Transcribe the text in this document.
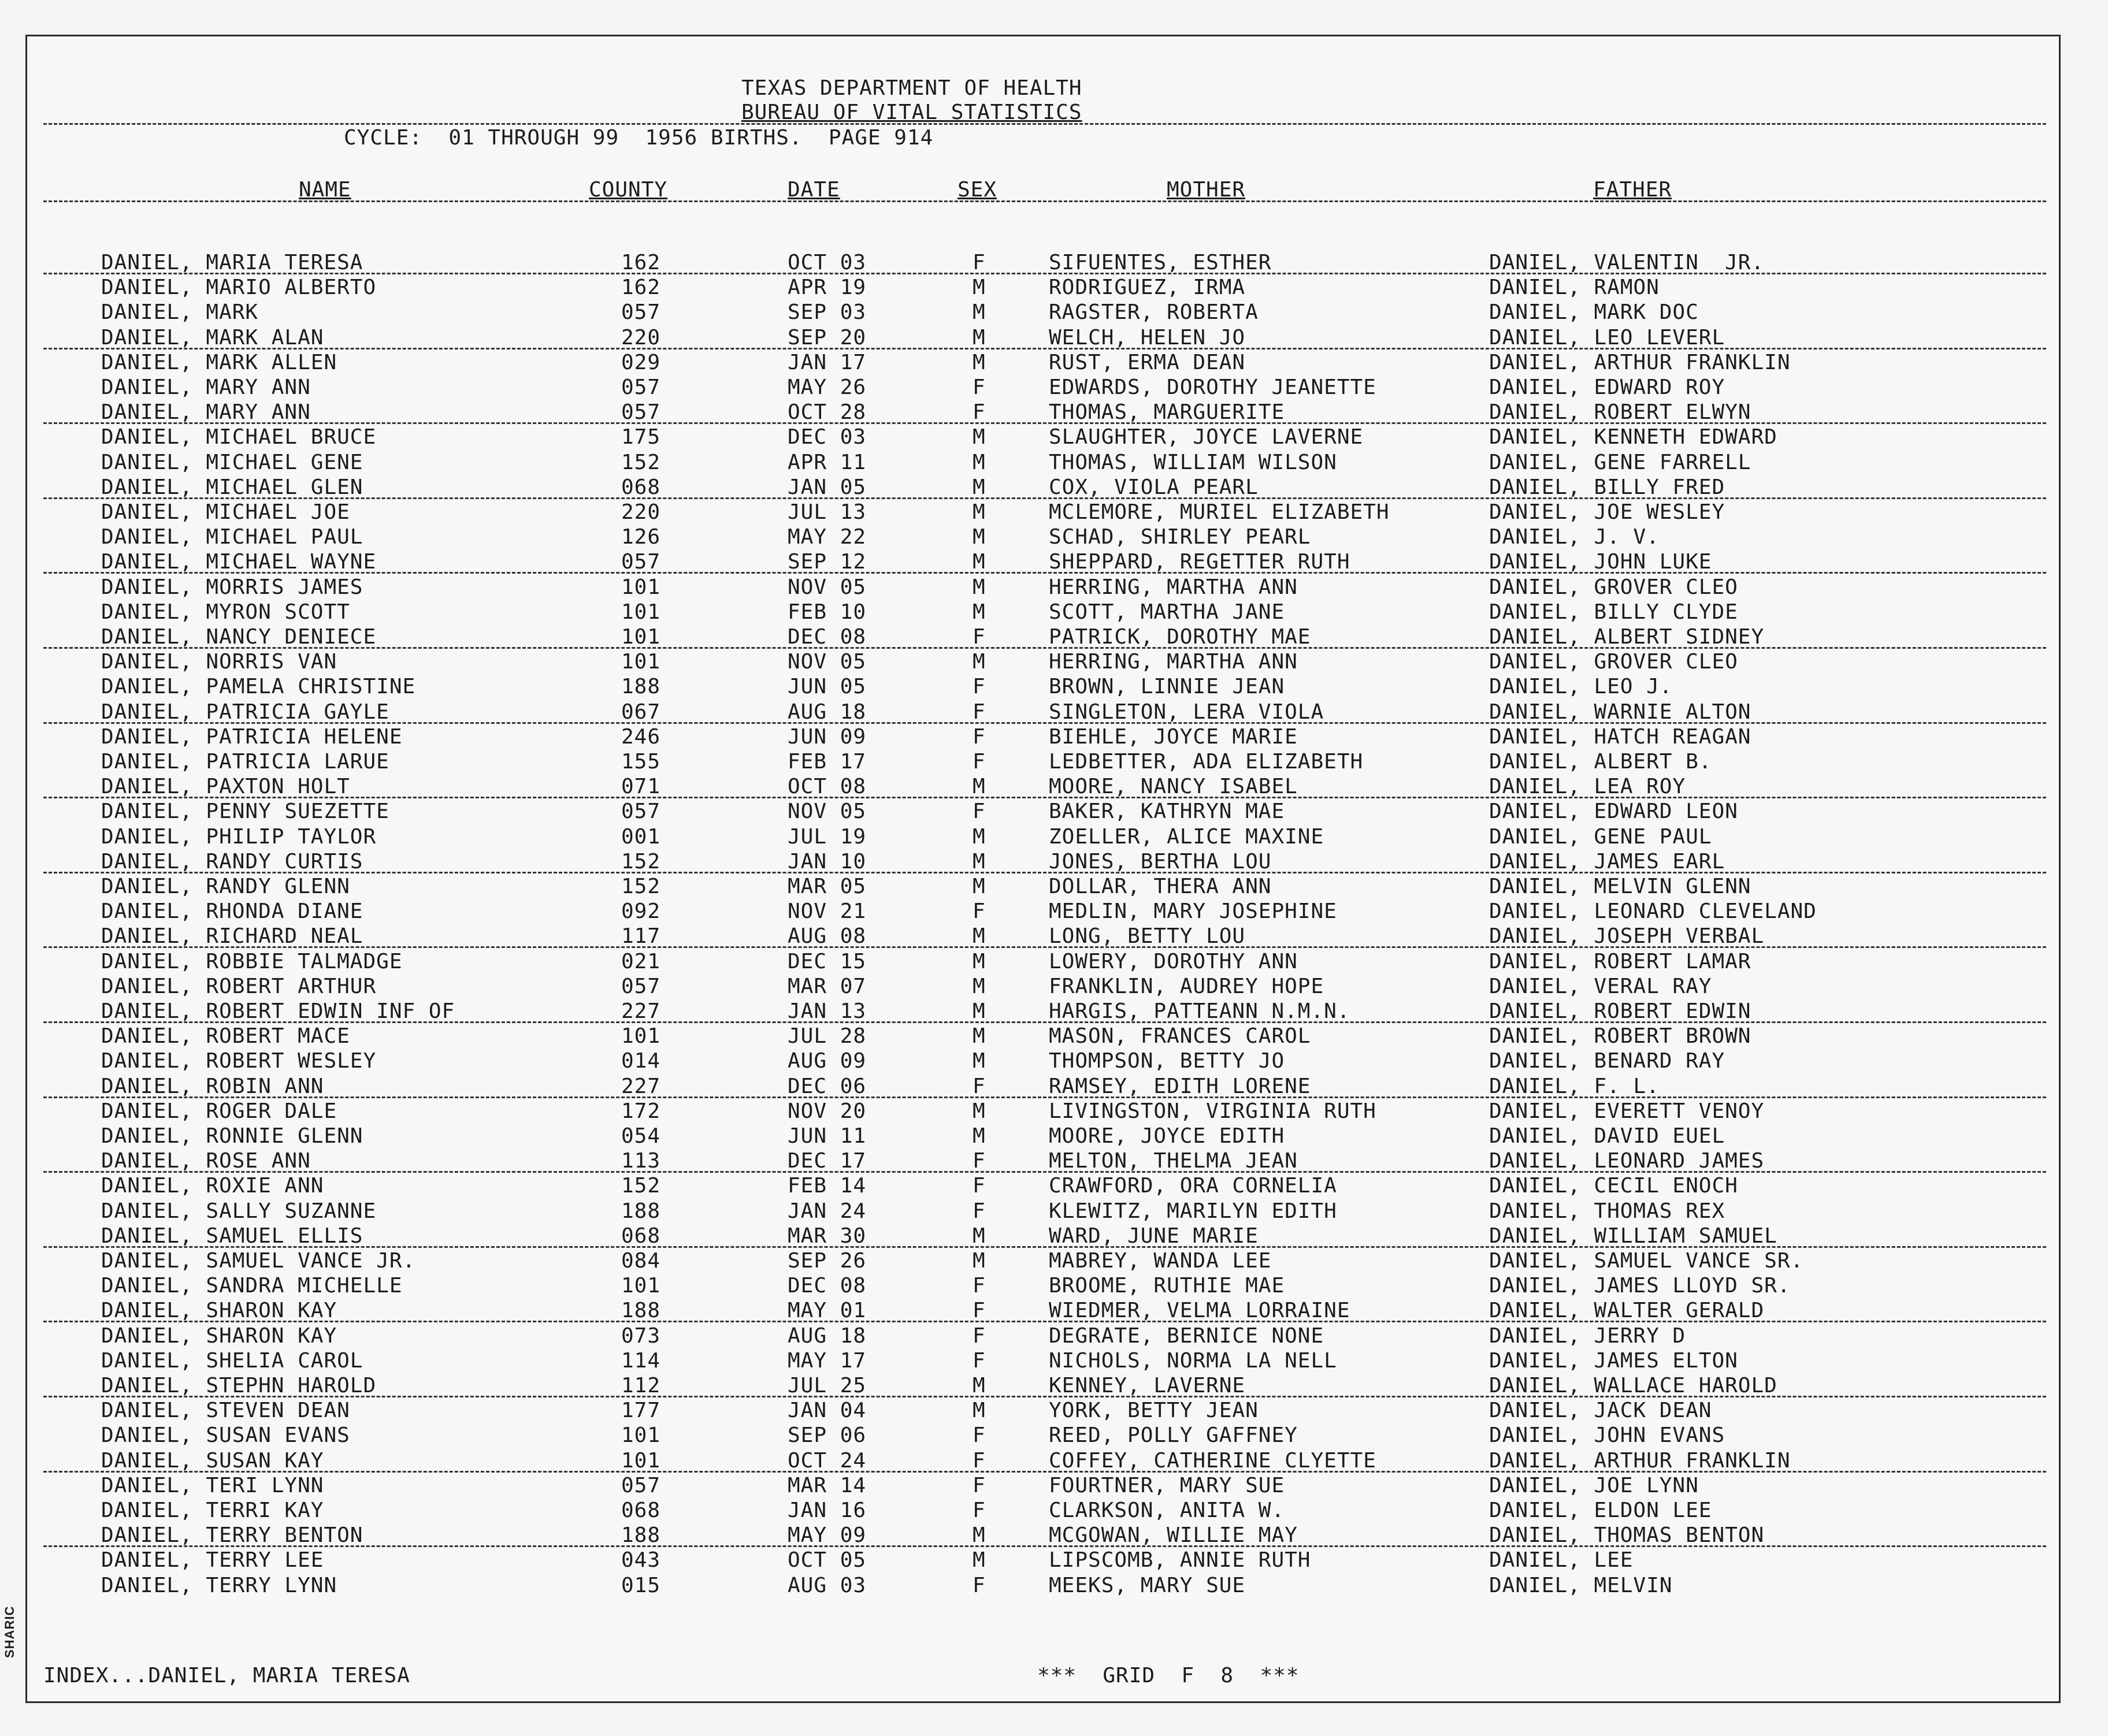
TEXAS DEPARTMENT OF HEALTH
BUREAU OF VITAL STATISTICS
CYCLE:  01 THROUGH 99  1956 BIRTHS.  PAGE 914
NAME	COUNTY	DATE	SEX	MOTHER	FATHER
DANIEL, MARIA TERESA	162	OCT 03	F	SIFUENTES, ESTHER	DANIEL, VALENTIN  JR.
DANIEL, MARIO ALBERTO	162	APR 19	M	RODRIGUEZ, IRMA	DANIEL, RAMON
DANIEL, MARK	057	SEP 03	M	RAGSTER, ROBERTA	DANIEL, MARK DOC
DANIEL, MARK ALAN	220	SEP 20	M	WELCH, HELEN JO	DANIEL, LEO LEVERL
DANIEL, MARK ALLEN	029	JAN 17	M	RUST, ERMA DEAN	DANIEL, ARTHUR FRANKLIN
DANIEL, MARY ANN	057	MAY 26	F	EDWARDS, DOROTHY JEANETTE	DANIEL, EDWARD ROY
DANIEL, MARY ANN	057	OCT 28	F	THOMAS, MARGUERITE	DANIEL, ROBERT ELWYN
DANIEL, MICHAEL BRUCE	175	DEC 03	M	SLAUGHTER, JOYCE LAVERNE	DANIEL, KENNETH EDWARD
DANIEL, MICHAEL GENE	152	APR 11	M	THOMAS, WILLIAM WILSON	DANIEL, GENE FARRELL
DANIEL, MICHAEL GLEN	068	JAN 05	M	COX, VIOLA PEARL	DANIEL, BILLY FRED
DANIEL, MICHAEL JOE	220	JUL 13	M	MCLEMORE, MURIEL ELIZABETH	DANIEL, JOE WESLEY
DANIEL, MICHAEL PAUL	126	MAY 22	M	SCHAD, SHIRLEY PEARL	DANIEL, J. V.
DANIEL, MICHAEL WAYNE	057	SEP 12	M	SHEPPARD, REGETTER RUTH	DANIEL, JOHN LUKE
DANIEL, MORRIS JAMES	101	NOV 05	M	HERRING, MARTHA ANN	DANIEL, GROVER CLEO
DANIEL, MYRON SCOTT	101	FEB 10	M	SCOTT, MARTHA JANE	DANIEL, BILLY CLYDE
DANIEL, NANCY DENIECE	101	DEC 08	F	PATRICK, DOROTHY MAE	DANIEL, ALBERT SIDNEY
DANIEL, NORRIS VAN	101	NOV 05	M	HERRING, MARTHA ANN	DANIEL, GROVER CLEO
DANIEL, PAMELA CHRISTINE	188	JUN 05	F	BROWN, LINNIE JEAN	DANIEL, LEO J.
DANIEL, PATRICIA GAYLE	067	AUG 18	F	SINGLETON, LERA VIOLA	DANIEL, WARNIE ALTON
DANIEL, PATRICIA HELENE	246	JUN 09	F	BIEHLE, JOYCE MARIE	DANIEL, HATCH REAGAN
DANIEL, PATRICIA LARUE	155	FEB 17	F	LEDBETTER, ADA ELIZABETH	DANIEL, ALBERT B.
DANIEL, PAXTON HOLT	071	OCT 08	M	MOORE, NANCY ISABEL	DANIEL, LEA ROY
DANIEL, PENNY SUEZETTE	057	NOV 05	F	BAKER, KATHRYN MAE	DANIEL, EDWARD LEON
DANIEL, PHILIP TAYLOR	001	JUL 19	M	ZOELLER, ALICE MAXINE	DANIEL, GENE PAUL
DANIEL, RANDY CURTIS	152	JAN 10	M	JONES, BERTHA LOU	DANIEL, JAMES EARL
DANIEL, RANDY GLENN	152	MAR 05	M	DOLLAR, THERA ANN	DANIEL, MELVIN GLENN
DANIEL, RHONDA DIANE	092	NOV 21	F	MEDLIN, MARY JOSEPHINE	DANIEL, LEONARD CLEVELAND
DANIEL, RICHARD NEAL	117	AUG 08	M	LONG, BETTY LOU	DANIEL, JOSEPH VERBAL
DANIEL, ROBBIE TALMADGE	021	DEC 15	M	LOWERY, DOROTHY ANN	DANIEL, ROBERT LAMAR
DANIEL, ROBERT ARTHUR	057	MAR 07	M	FRANKLIN, AUDREY HOPE	DANIEL, VERAL RAY
DANIEL, ROBERT EDWIN INF OF	227	JAN 13	M	HARGIS, PATTEANN N.M.N.	DANIEL, ROBERT EDWIN
DANIEL, ROBERT MACE	101	JUL 28	M	MASON, FRANCES CAROL	DANIEL, ROBERT BROWN
DANIEL, ROBERT WESLEY	014	AUG 09	M	THOMPSON, BETTY JO	DANIEL, BENARD RAY
DANIEL, ROBIN ANN	227	DEC 06	F	RAMSEY, EDITH LORENE	DANIEL, F. L.
DANIEL, ROGER DALE	172	NOV 20	M	LIVINGSTON, VIRGINIA RUTH	DANIEL, EVERETT VENOY
DANIEL, RONNIE GLENN	054	JUN 11	M	MOORE, JOYCE EDITH	DANIEL, DAVID EUEL
DANIEL, ROSE ANN	113	DEC 17	F	MELTON, THELMA JEAN	DANIEL, LEONARD JAMES
DANIEL, ROXIE ANN	152	FEB 14	F	CRAWFORD, ORA CORNELIA	DANIEL, CECIL ENOCH
DANIEL, SALLY SUZANNE	188	JAN 24	F	KLEWITZ, MARILYN EDITH	DANIEL, THOMAS REX
DANIEL, SAMUEL ELLIS	068	MAR 30	M	WARD, JUNE MARIE	DANIEL, WILLIAM SAMUEL
DANIEL, SAMUEL VANCE JR.	084	SEP 26	M	MABREY, WANDA LEE	DANIEL, SAMUEL VANCE SR.
DANIEL, SANDRA MICHELLE	101	DEC 08	F	BROOME, RUTHIE MAE	DANIEL, JAMES LLOYD SR.
DANIEL, SHARON KAY	188	MAY 01	F	WIEDMER, VELMA LORRAINE	DANIEL, WALTER GERALD
DANIEL, SHARON KAY	073	AUG 18	F	DEGRATE, BERNICE NONE	DANIEL, JERRY D
DANIEL, SHELIA CAROL	114	MAY 17	F	NICHOLS, NORMA LA NELL	DANIEL, JAMES ELTON
DANIEL, STEPHN HAROLD	112	JUL 25	M	KENNEY, LAVERNE	DANIEL, WALLACE HAROLD
DANIEL, STEVEN DEAN	177	JAN 04	M	YORK, BETTY JEAN	DANIEL, JACK DEAN
DANIEL, SUSAN EVANS	101	SEP 06	F	REED, POLLY GAFFNEY	DANIEL, JOHN EVANS
DANIEL, SUSAN KAY	101	OCT 24	F	COFFEY, CATHERINE CLYETTE	DANIEL, ARTHUR FRANKLIN
DANIEL, TERI LYNN	057	MAR 14	F	FOURTNER, MARY SUE	DANIEL, JOE LYNN
DANIEL, TERRI KAY	068	JAN 16	F	CLARKSON, ANITA W.	DANIEL, ELDON LEE
DANIEL, TERRY BENTON	188	MAY 09	M	MCGOWAN, WILLIE MAY	DANIEL, THOMAS BENTON
DANIEL, TERRY LEE	043	OCT 05	M	LIPSCOMB, ANNIE RUTH	DANIEL, LEE
DANIEL, TERRY LYNN	015	AUG 03	F	MEEKS, MARY SUE	DANIEL, MELVIN
INDEX...DANIEL, MARIA TERESA	***  GRID  F  8  ***
SHARIC
